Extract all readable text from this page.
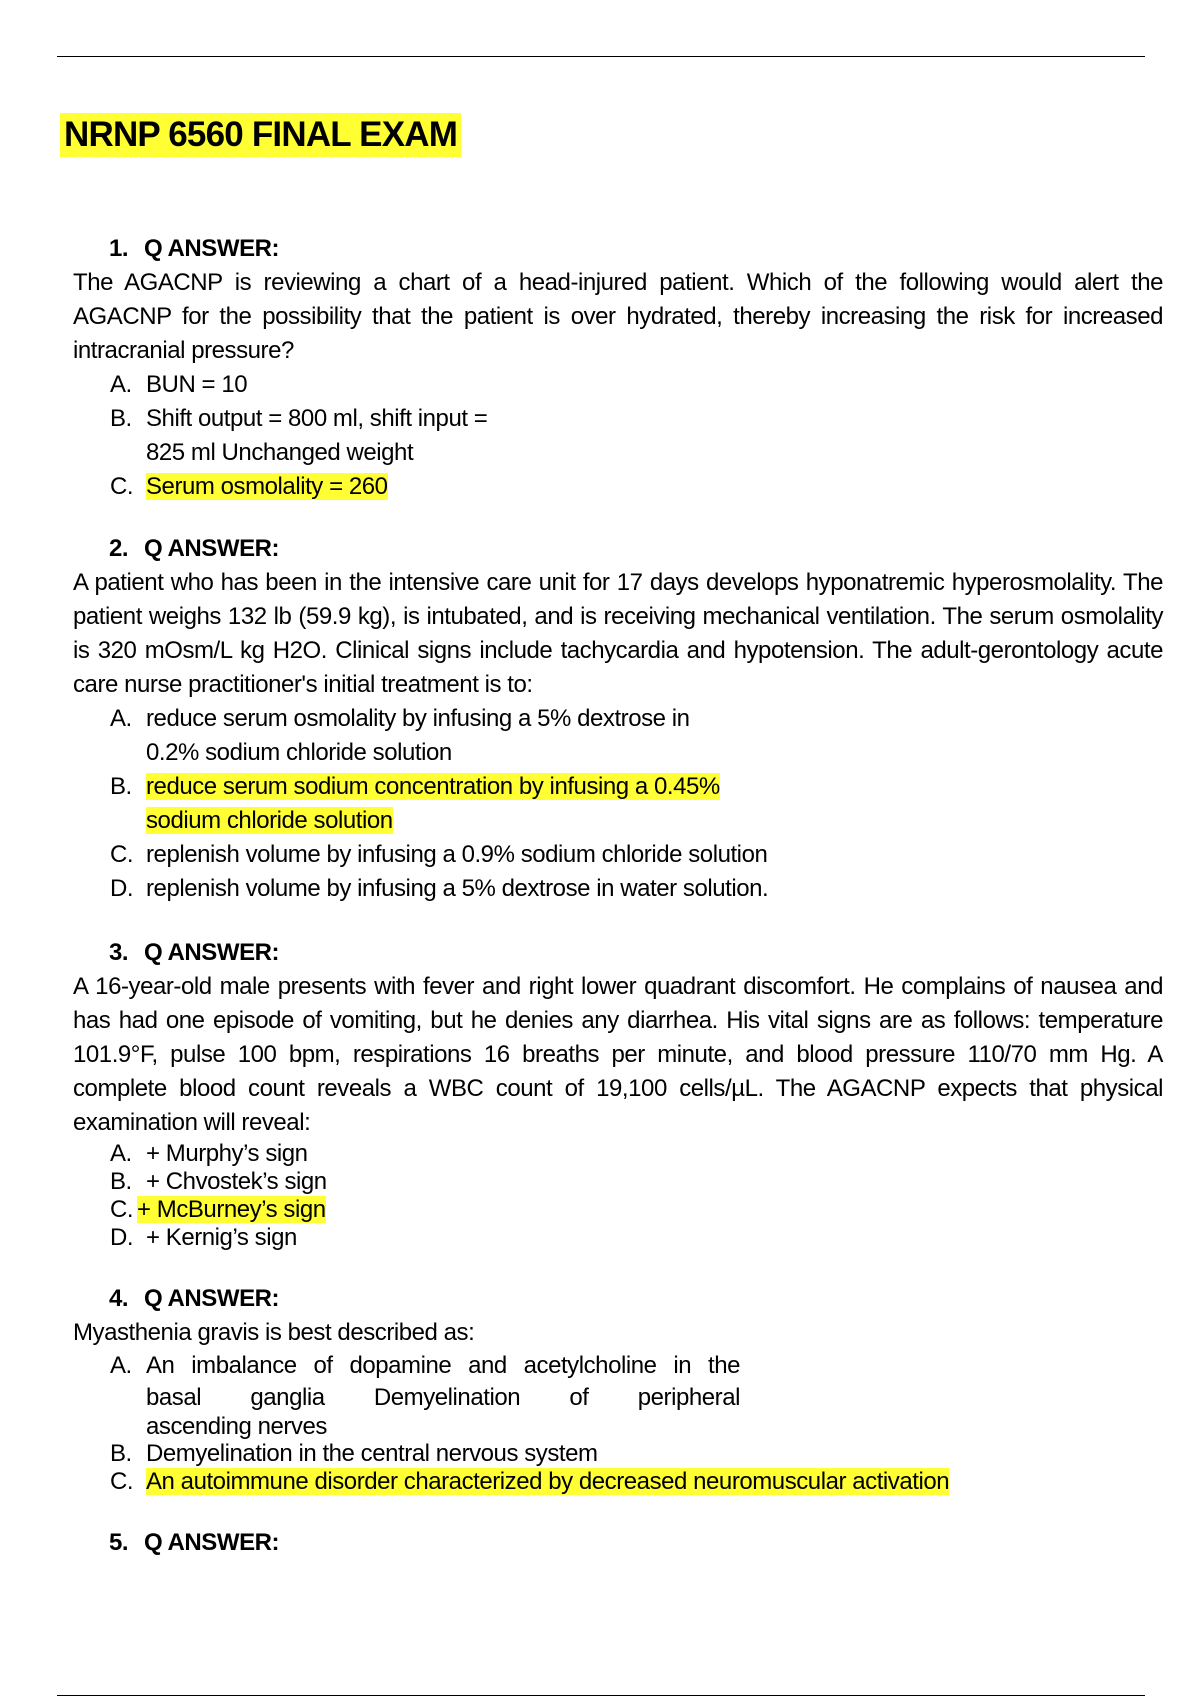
NRNP 6560 FINAL EXAM
1. Q ANSWER:
The AGACNP is reviewing a chart of a head-injured patient. Which of the following would alert the AGACNP for the possibility that the patient is over hydrated, thereby increasing the risk for increased intracranial pressure?
A. BUN = 10
B. Shift output = 800 ml, shift input =
825 ml Unchanged weight
C. Serum osmolality = 260
2. Q ANSWER:
A patient who has been in the intensive care unit for 17 days develops hyponatremic hyperosmolality. The patient weighs 132 lb (59.9 kg), is intubated, and is receiving mechanical ventilation. The serum osmolality is 320 mOsm/L kg H2O. Clinical signs include tachycardia and hypotension. The adult-gerontology acute care nurse practitioner's initial treatment is to:
A. reduce serum osmolality by infusing a 5% dextrose in
0.2% sodium chloride solution
B. reduce serum sodium concentration by infusing a 0.45%
sodium chloride solution
C. replenish volume by infusing a 0.9% sodium chloride solution
D. replenish volume by infusing a 5% dextrose in water solution.
3. Q ANSWER:
A 16-year-old male presents with fever and right lower quadrant discomfort. He complains of nausea and has had one episode of vomiting, but he denies any diarrhea. His vital signs are as follows: temperature 101.9°F, pulse 100 bpm, respirations 16 breaths per minute, and blood pressure 110/70 mm Hg. A complete blood count reveals a WBC count of 19,100 cells/µL. The AGACNP expects that physical examination will reveal:
A. + Murphy’s sign
B. + Chvostek’s sign
C. + McBurney’s sign
D. + Kernig’s sign
4. Q ANSWER:
Myasthenia gravis is best described as:
A. An imbalance of dopamine and acetylcholine in the
basal ganglia Demyelination of peripheral
ascending nerves
B. Demyelination in the central nervous system
C. An autoimmune disorder characterized by decreased neuromuscular activation
5. Q ANSWER:
